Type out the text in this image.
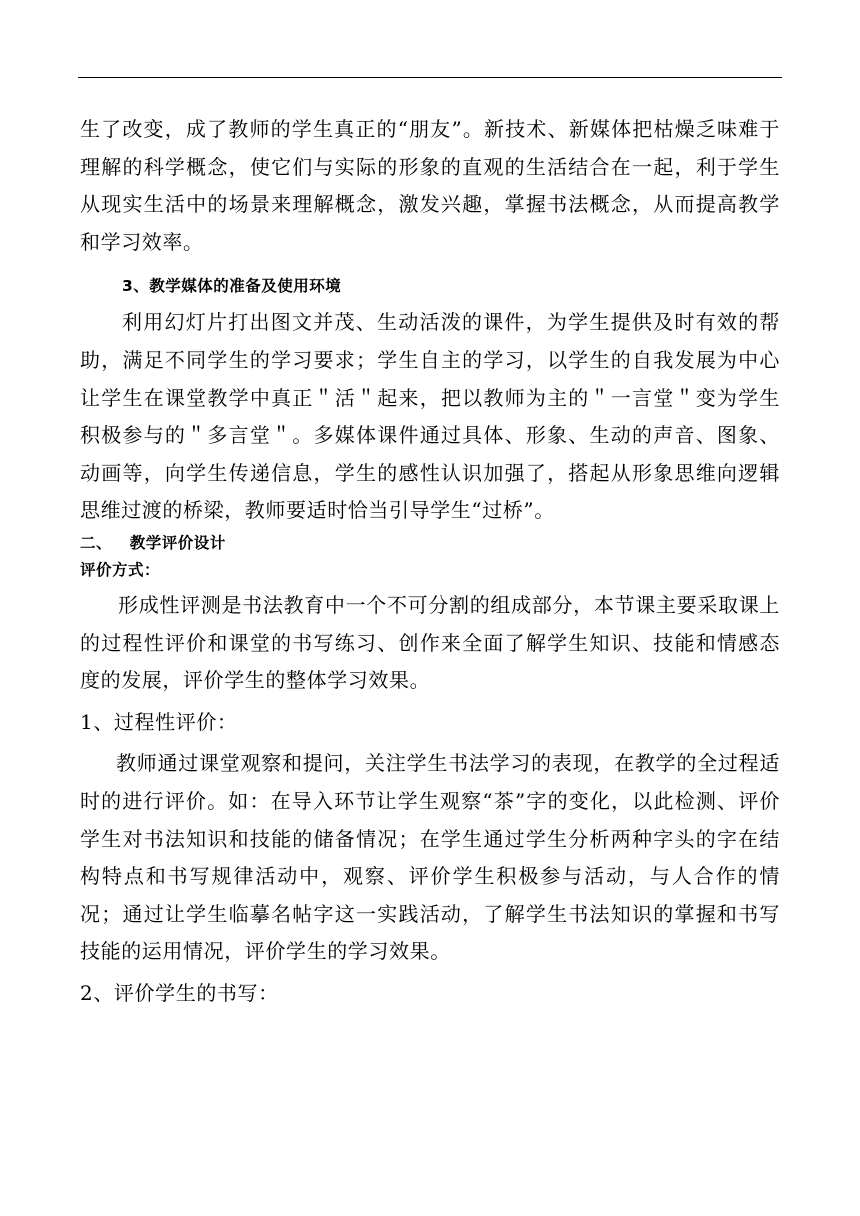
生了改变，成了教师的学生真正的“朋友”。新技术、新媒体把枯燥乏味难于理解的科学概念，使它们与实际的形象的直观的生活结合在一起，利于学生从现实生活中的场景来理解概念，激发兴趣，掌握书法概念，从而提高教学和学习效率。

3、教学媒体的准备及使用环境

利用幻灯片打出图文并茂、生动活泼的课件，为学生提供及时有效的帮助，满足不同学生的学习要求；学生自主的学习，以学生的自我发展为中心让学生在课堂教学中真正＂活＂起来，把以教师为主的＂一言堂＂变为学生积极参与的＂多言堂＂。多媒体课件通过具体、形象、生动的声音、图象、动画等，向学生传递信息，学生的感性认识加强了，搭起从形象思维向逻辑思维过渡的桥梁，教师要适时恰当引导学生“过桥”。

二、   教学评价设计

评价方式：

形成性评测是书法教育中一个不可分割的组成部分，本节课主要采取课上的过程性评价和课堂的书写练习、创作来全面了解学生知识、技能和情感态度的发展，评价学生的整体学习效果。

1、过程性评价：

教师通过课堂观察和提问，关注学生书法学习的表现，在教学的全过程适时的进行评价。如：在导入环节让学生观察“茶”字的变化，以此检测、评价学生对书法知识和技能的储备情况；在学生通过学生分析两种字头的字在结构特点和书写规律活动中，观察、评价学生积极参与活动，与人合作的情况；通过让学生临摹名帖字这一实践活动，了解学生书法知识的掌握和书写技能的运用情况，评价学生的学习效果。

2、评价学生的书写：
